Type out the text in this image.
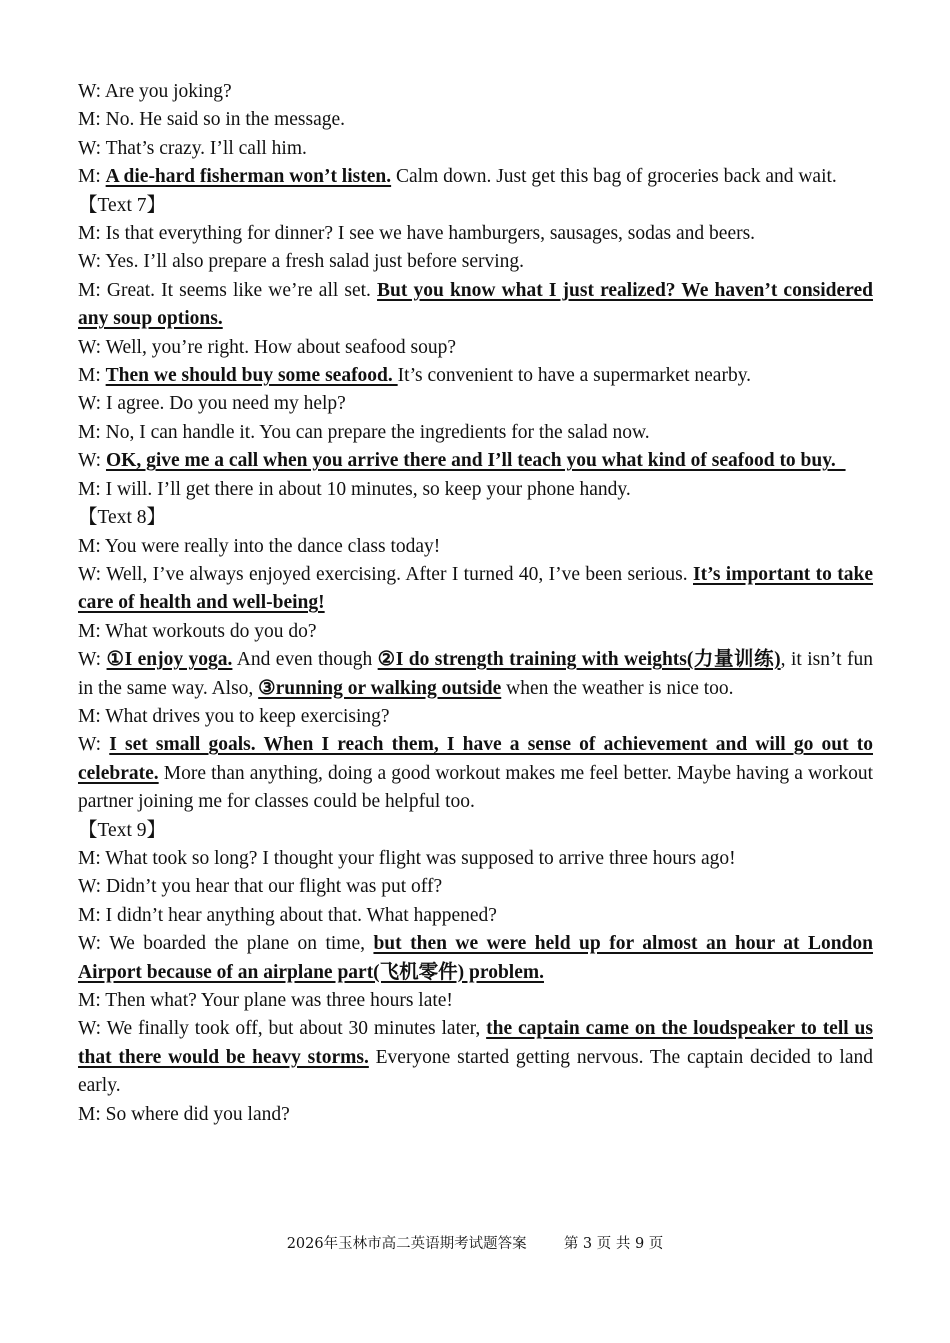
W: Are you joking?

M: No. He said so in the message.

W: That’s crazy. I’ll call him.

M: A die-hard fisherman won’t listen. Calm down. Just get this bag of groceries back and wait.

【Text 7】

M: Is that everything for dinner? I see we have hamburgers, sausages, sodas and beers.

W: Yes. I’ll also prepare a fresh salad just before serving.

M: Great. It seems like we’re all set. But you know what I just realized? We haven’t considered any soup options.

W: Well, you’re right. How about seafood soup?

M: Then we should buy some seafood. It’s convenient to have a supermarket nearby.

W: I agree. Do you need my help?

M: No, I can handle it. You can prepare the ingredients for the salad now.

W: OK, give me a call when you arrive there and I’ll teach you what kind of seafood to buy.

M: I will. I’ll get there in about 10 minutes, so keep your phone handy.

【Text 8】

M: You were really into the dance class today!

W: Well, I’ve always enjoyed exercising. After I turned 40, I’ve been serious. It’s important to take care of health and well-being!

M: What workouts do you do?

W: ①I enjoy yoga. And even though ②I do strength training with weights(力量训练), it isn’t fun in the same way. Also, ③running or walking outside when the weather is nice too.

M: What drives you to keep exercising?

W: I set small goals. When I reach them, I have a sense of achievement and will go out to celebrate. More than anything, doing a good workout makes me feel better. Maybe having a workout partner joining me for classes could be helpful too.

【Text 9】

M: What took so long? I thought your flight was supposed to arrive three hours ago!

W: Didn’t you hear that our flight was put off?

M: I didn’t hear anything about that. What happened?

W: We boarded the plane on time, but then we were held up for almost an hour at London Airport because of an airplane part(飞机零件) problem.

M: Then what? Your plane was three hours late!

W: We finally took off, but about 30 minutes later, the captain came on the loudspeaker to tell us that there would be heavy storms. Everyone started getting nervous. The captain decided to land early.

M: So where did you land?

2026年玉林市高二英语期考试题答案	第 3 页 共 9 页
